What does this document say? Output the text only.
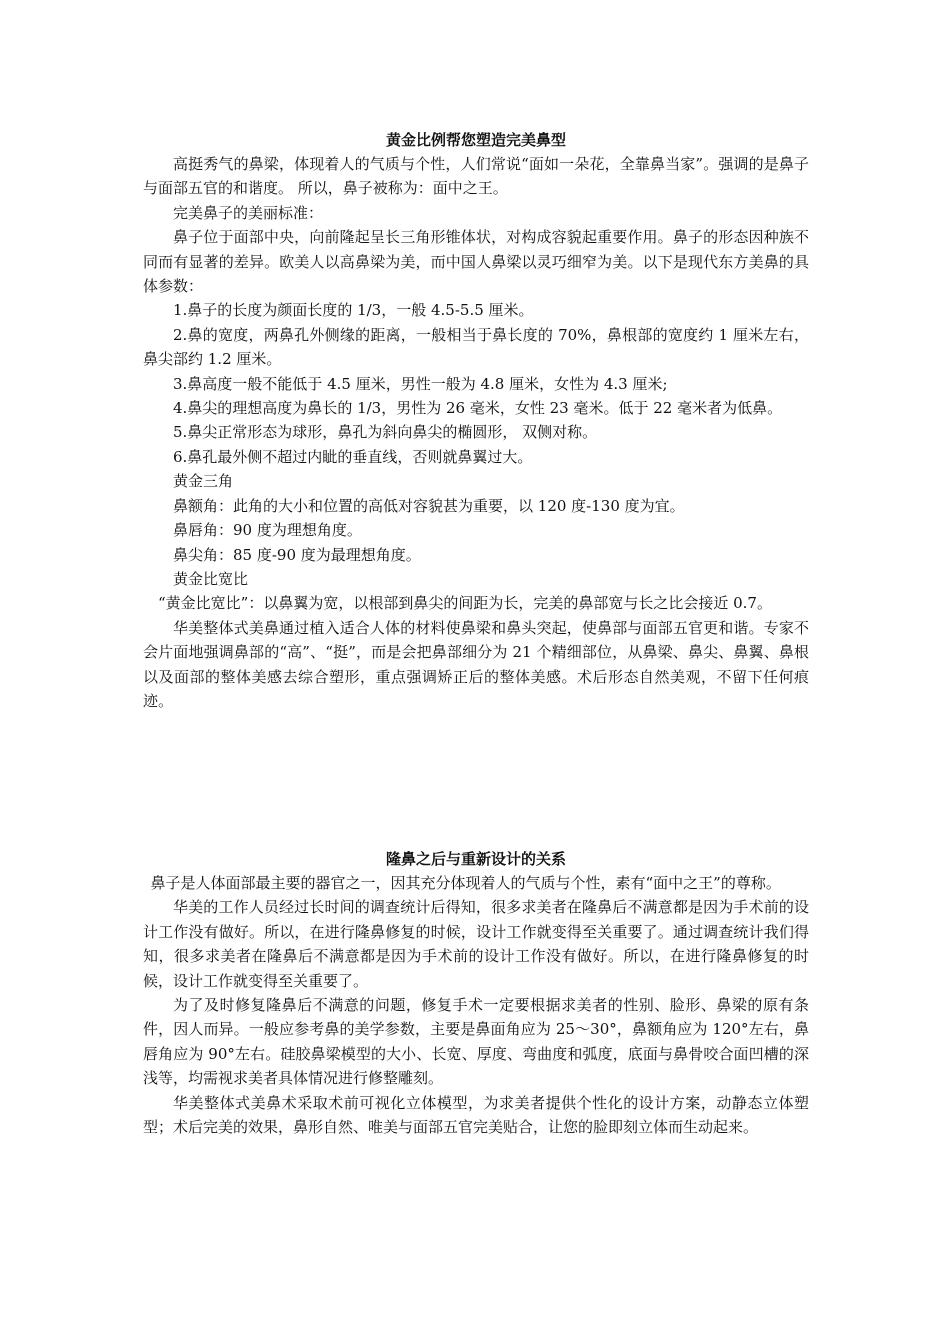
黄金比例帮您塑造完美鼻型

高挺秀气的鼻梁，体现着人的气质与个性，人们常说“面如一朵花，全靠鼻当家”。强调的是鼻子与面部五官的和谐度。 所以，鼻子被称为：面中之王。

完美鼻子的美丽标准：

鼻子位于面部中央，向前隆起呈长三角形锥体状，对构成容貌起重要作用。鼻子的形态因种族不同而有显著的差异。欧美人以高鼻梁为美，而中国人鼻梁以灵巧细窄为美。以下是现代东方美鼻的具体参数：

1.鼻子的长度为颜面长度的 1/3，一般 4.5-5.5 厘米。

2.鼻的宽度，两鼻孔外侧缘的距离，一般相当于鼻长度的 70%，鼻根部的宽度约 1 厘米左右，鼻尖部约 1.2 厘米。

3.鼻高度一般不能低于 4.5 厘米，男性一般为 4.8 厘米，女性为 4.3 厘米;

4.鼻尖的理想高度为鼻长的 1/3，男性为 26 毫米，女性 23 毫米。低于 22 毫米者为低鼻。

5.鼻尖正常形态为球形，鼻孔为斜向鼻尖的椭圆形， 双侧对称。

6.鼻孔最外侧不超过内眦的垂直线，否则就鼻翼过大。

黄金三角

鼻额角：此角的大小和位置的高低对容貌甚为重要，以 120 度-130 度为宜。

鼻唇角：90 度为理想角度。

鼻尖角：85 度-90 度为最理想角度。

黄金比宽比

“黄金比宽比”：以鼻翼为宽，以根部到鼻尖的间距为长，完美的鼻部宽与长之比会接近 0.7。

华美整体式美鼻通过植入适合人体的材料使鼻梁和鼻头突起，使鼻部与面部五官更和谐。专家不会片面地强调鼻部的“高”、“挺”，而是会把鼻部细分为 21 个精细部位，从鼻梁、鼻尖、鼻翼、鼻根以及面部的整体美感去综合塑形，重点强调矫正后的整体美感。术后形态自然美观，不留下任何痕迹。

隆鼻之后与重新设计的关系

鼻子是人体面部最主要的器官之一，因其充分体现着人的气质与个性，素有“面中之王”的尊称。

华美的工作人员经过长时间的调查统计后得知，很多求美者在隆鼻后不满意都是因为手术前的设计工作没有做好。所以，在进行隆鼻修复的时候，设计工作就变得至关重要了。通过调查统计我们得知，很多求美者在隆鼻后不满意都是因为手术前的设计工作没有做好。所以，在进行隆鼻修复的时候，设计工作就变得至关重要了。

为了及时修复隆鼻后不满意的问题，修复手术一定要根据求美者的性别、脸形、鼻梁的原有条件，因人而异。一般应参考鼻的美学参数，主要是鼻面角应为 25～30°，鼻额角应为 120°左右，鼻唇角应为 90°左右。硅胶鼻梁模型的大小、长宽、厚度、弯曲度和弧度，底面与鼻骨咬合面凹槽的深浅等，均需视求美者具体情况进行修整雕刻。

华美整体式美鼻术采取术前可视化立体模型，为求美者提供个性化的设计方案，动静态立体塑型；术后完美的效果，鼻形自然、唯美与面部五官完美贴合，让您的脸即刻立体而生动起来。
